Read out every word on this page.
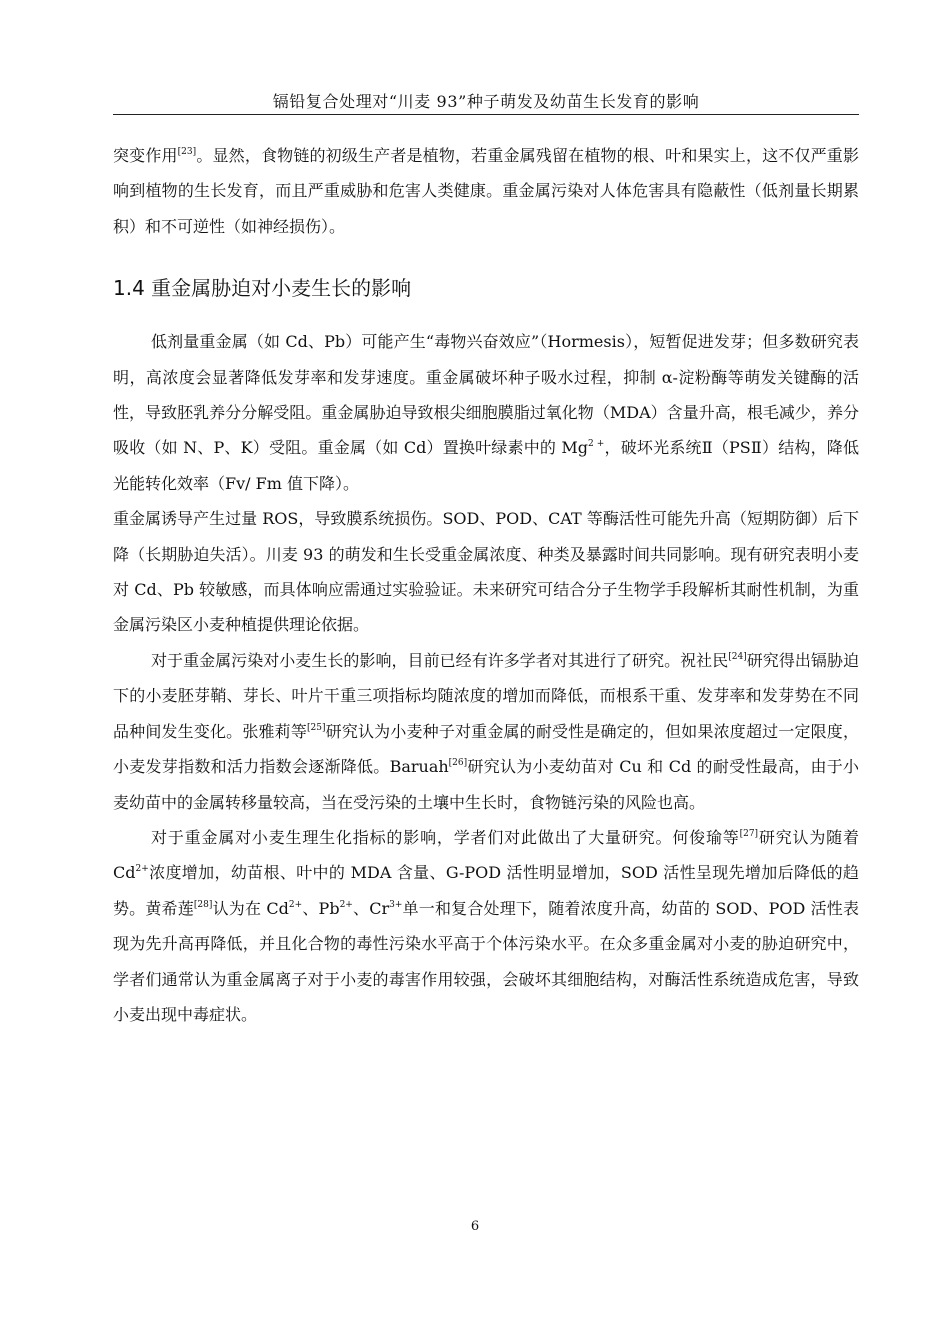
镉铅复合处理对“川麦 93”种子萌发及幼苗生长发育的影响

突变作用[23]。显然，食物链的初级生产者是植物，若重金属残留在植物的根、叶和果实上，这不仅严重影响到植物的生长发育，而且严重威胁和危害人类健康。重金属污染对人体危害具有隐蔽性（低剂量长期累积）和不可逆性（如神经损伤）。

1.4 重金属胁迫对小麦生长的影响

低剂量重金属（如 Cd、Pb）可能产生“毒物兴奋效应”（Hormesis），短暂促进发芽；但多数研究表明，高浓度会显著降低发芽率和发芽速度。重金属破坏种子吸水过程，抑制 α-淀粉酶等萌发关键酶的活性，导致胚乳养分分解受阻。重金属胁迫导致根尖细胞膜脂过氧化物（MDA）含量升高，根毛减少，养分吸收（如 N、P、K）受阻。重金属（如 Cd）置换叶绿素中的 $Mg^{2 +}$，破坏光系统Ⅱ（PSⅡ）结构，降低光能转化效率（Fv/ Fm 值下降）。

重金属诱导产生过量 ROS，导致膜系统损伤。SOD、POD、CAT 等酶活性可能先升高（短期防御）后下降（长期胁迫失活）。川麦 93 的萌发和生长受重金属浓度、种类及暴露时间共同影响。现有研究表明小麦对 Cd、Pb 较敏感，而具体响应需通过实验验证。未来研究可结合分子生物学手段解析其耐性机制，为重金属污染区小麦种植提供理论依据。

对于重金属污染对小麦生长的影响，目前已经有许多学者对其进行了研究。祝社民[24]研究得出镉胁迫下的小麦胚芽鞘、芽长、叶片干重三项指标均随浓度的增加而降低，而根系干重、发芽率和发芽势在不同品种间发生变化。张雅莉等[25]研究认为小麦种子对重金属的耐受性是确定的，但如果浓度超过一定限度，小麦发芽指数和活力指数会逐渐降低。Baruah[26]研究认为小麦幼苗对 Cu 和 Cd 的耐受性最高，由于小麦幼苗中的金属转移量较高，当在受污染的土壤中生长时，食物链污染的风险也高。

对于重金属对小麦生理生化指标的影响，学者们对此做出了大量研究。何俊瑜等[27]研究认为随着 $Cd^{2+}$浓度增加，幼苗根、叶中的 MDA 含量、G-POD 活性明显增加，SOD 活性呈现先增加后降低的趋势。黄希莲[28]认为在 $Cd^{2+}$、$Pb^{2+}$、$Cr^{3+}$单一和复合处理下，随着浓度升高，幼苗的 SOD、POD 活性表现为先升高再降低，并且化合物的毒性污染水平高于个体污染水平。在众多重金属对小麦的胁迫研究中，学者们通常认为重金属离子对于小麦的毒害作用较强，会破坏其细胞结构，对酶活性系统造成危害，导致小麦出现中毒症状。

6
